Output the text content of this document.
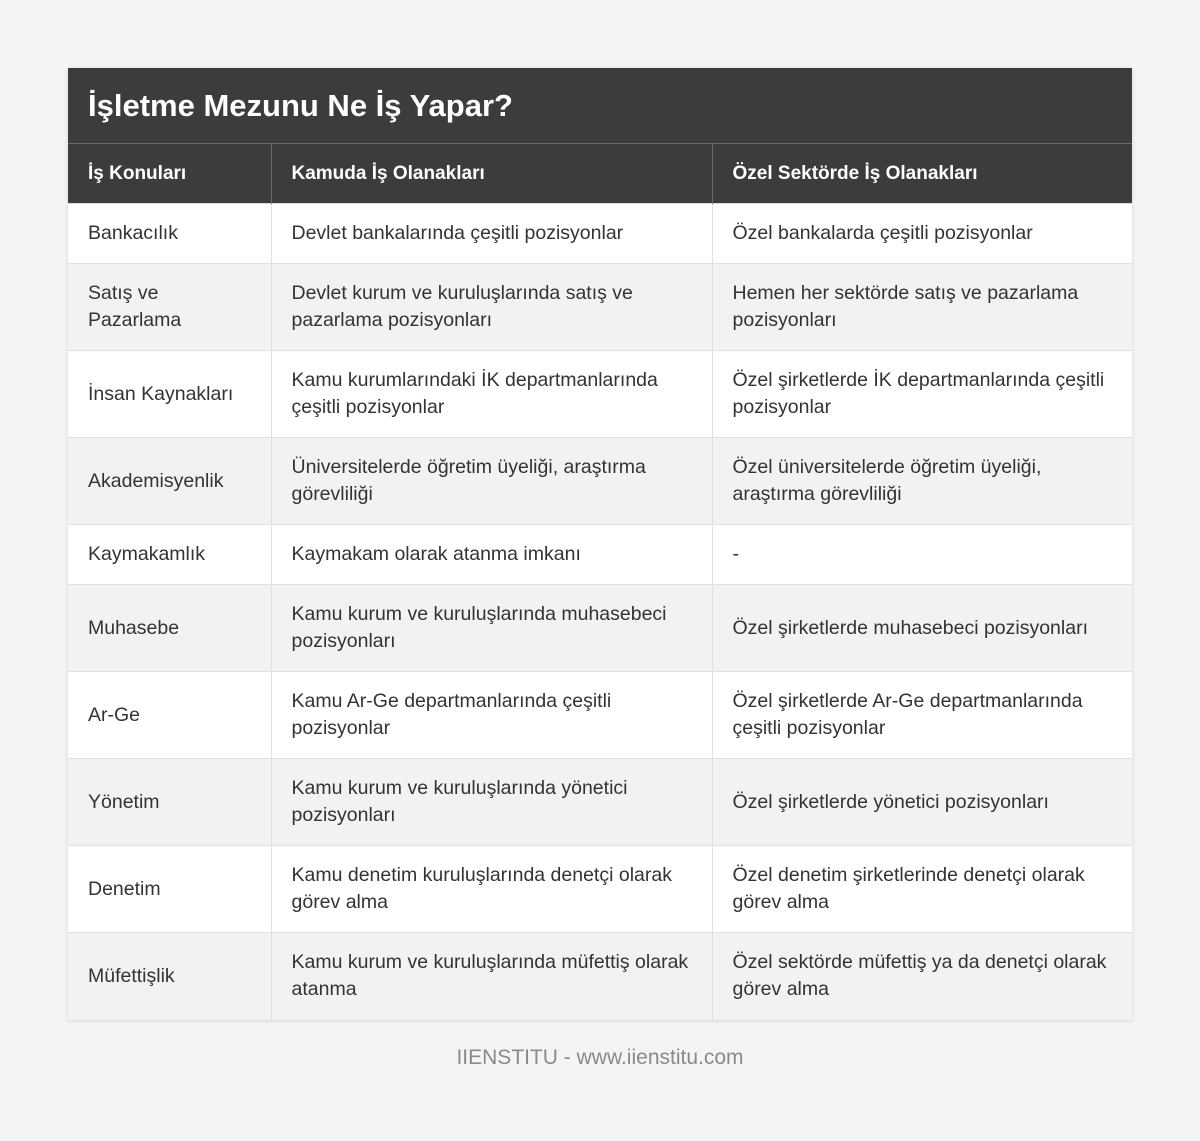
İşletme Mezunu Ne İş Yapar?
İş Konuları	Kamuda İş Olanakları	Özel Sektörde İş Olanakları
Bankacılık	Devlet bankalarında çeşitli pozisyonlar	Özel bankalarda çeşitli pozisyonlar
Satış ve Pazarlama	Devlet kurum ve kuruluşlarında satış ve pazarlama pozisyonları	Hemen her sektörde satış ve pazarlama pozisyonları
İnsan Kaynakları	Kamu kurumlarındaki İK departmanlarında çeşitli pozisyonlar	Özel şirketlerde İK departmanlarında çeşitli pozisyonlar
Akademisyenlik	Üniversitelerde öğretim üyeliği, araştırma görevliliği	Özel üniversitelerde öğretim üyeliği, araştırma görevliliği
Kaymakamlık	Kaymakam olarak atanma imkanı	-
Muhasebe	Kamu kurum ve kuruluşlarında muhasebeci pozisyonları	Özel şirketlerde muhasebeci pozisyonları
Ar-Ge	Kamu Ar-Ge departmanlarında çeşitli pozisyonlar	Özel şirketlerde Ar-Ge departmanlarında çeşitli pozisyonlar
Yönetim	Kamu kurum ve kuruluşlarında yönetici pozisyonları	Özel şirketlerde yönetici pozisyonları
Denetim	Kamu denetim kuruluşlarında denetçi olarak görev alma	Özel denetim şirketlerinde denetçi olarak görev alma
Müfettişlik	Kamu kurum ve kuruluşlarında müfettiş olarak atanma	Özel sektörde müfettiş ya da denetçi olarak görev alma
IIENSTITU - www.iienstitu.com
